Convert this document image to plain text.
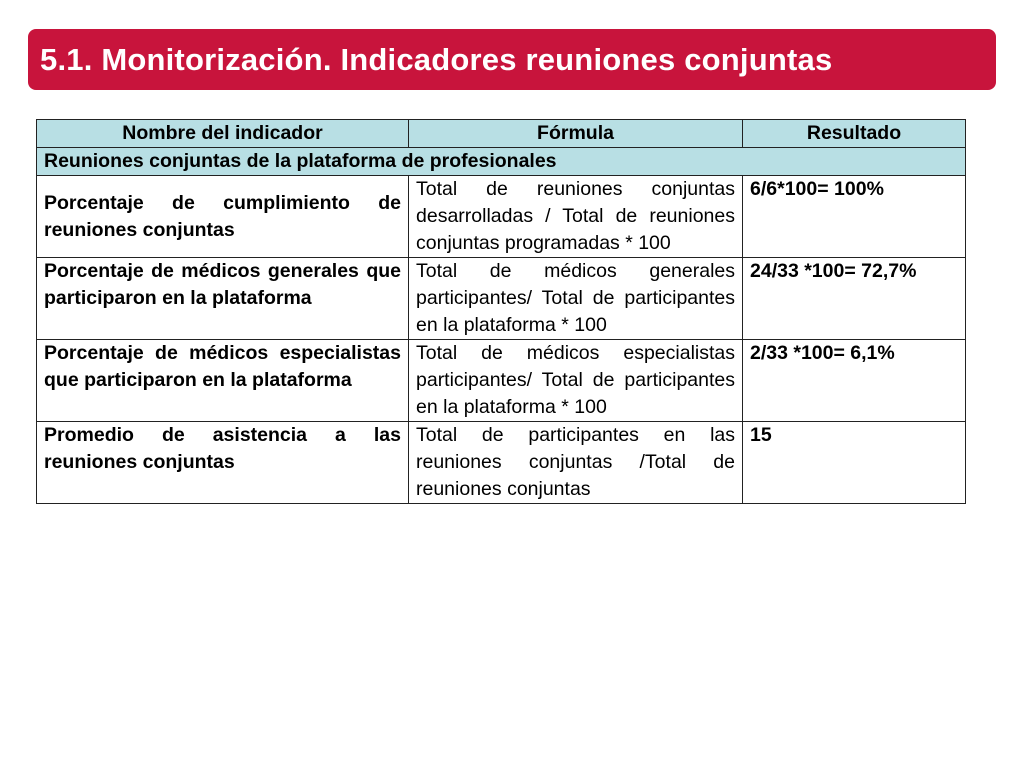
5.1. Monitorización. Indicadores reuniones conjuntas
Nombre del indicador	Fórmula	Resultado
Reuniones conjuntas de la plataforma de profesionales		
Porcentaje de cumplimiento de reuniones conjuntas	Total de reuniones conjuntas desarrolladas / Total de reuniones conjuntas programadas * 100	6/6*100= 100%
Porcentaje de médicos generales que participaron en la plataforma	Total de médicos generales participantes/ Total de participantes en la plataforma * 100	24/33 *100= 72,7%
Porcentaje de médicos especialistas que participaron en la plataforma	Total de médicos especialistas participantes/ Total de participantes en la plataforma * 100	2/33 *100= 6,1%
Promedio de asistencia a las reuniones conjuntas	Total de participantes en las reuniones conjuntas /Total de reuniones conjuntas	15
